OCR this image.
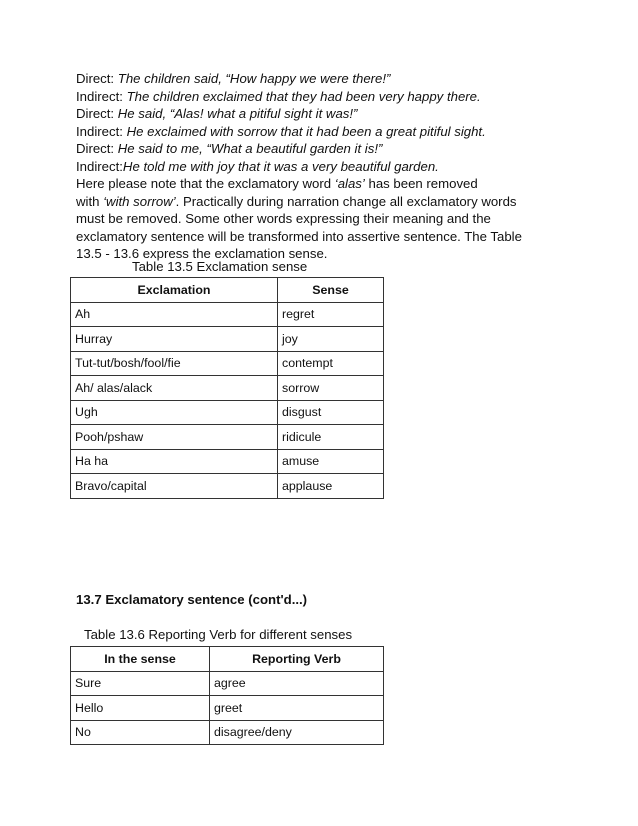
Direct: The children said, “How happy we were there!”
Indirect: The children exclaimed that they had been very happy there.
Direct: He said, “Alas! what a pitiful sight it was!”
Indirect: He exclaimed with sorrow that it had been a great pitiful sight.
Direct: He said to me, “What a beautiful garden it is!”
Indirect:He told me with joy that it was a very beautiful garden.
Here please note that the exclamatory word ‘alas’ has been removed
with ‘with sorrow’. Practically during narration change all exclamatory words
must be removed. Some other words expressing their meaning and the
exclamatory sentence will be transformed into assertive sentence. The Table
13.5 - 13.6 express the exclamation sense.
Table 13.5 Exclamation sense
Exclamation	Sense
Ah	regret
Hurray	joy
Tut-tut/bosh/fool/fie	contempt
Ah/ alas/alack	sorrow
Ugh	disgust
Pooh/pshaw	ridicule
Ha ha	amuse
Bravo/capital	applause
13.7 Exclamatory sentence (cont'd...)
Table 13.6 Reporting Verb for different senses
In the sense	Reporting Verb
Sure	agree
Hello	greet
No	disagree/deny
